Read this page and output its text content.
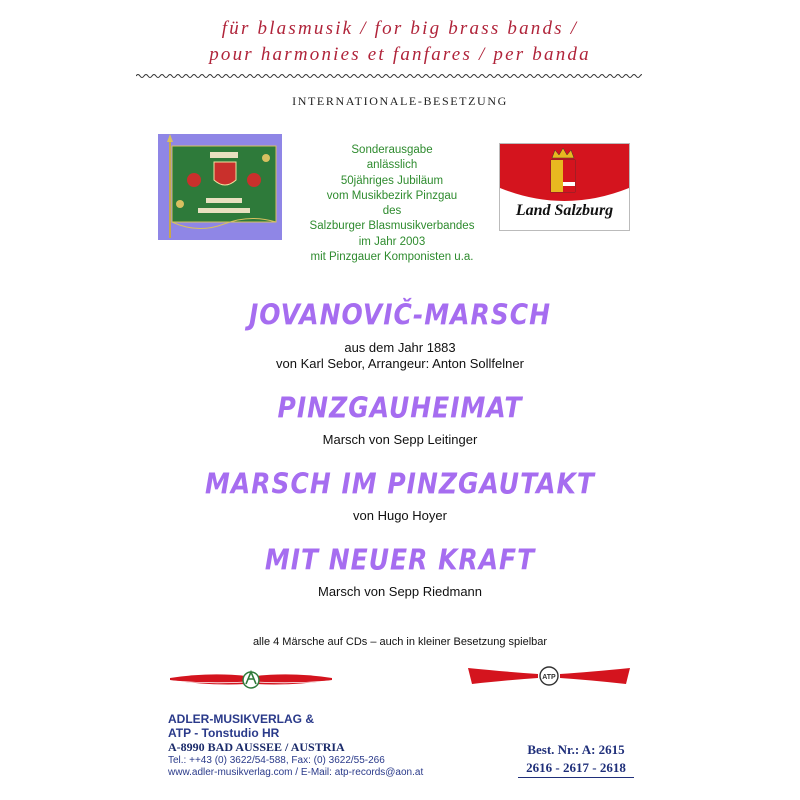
für blasmusik / for big brass bands /
pour harmonies et fanfares / per banda
INTERNATIONALE-BESETZUNG
Sonderausgabe
anlässlich
50jähriges Jubiläum
vom Musikbezirk Pinzgau
des
Salzburger Blasmusikverbandes
im Jahr 2003
mit Pinzgauer Komponisten u.a.
Land Salzburg
JOVANOVIČ-MARSCH
aus dem Jahr 1883
von Karl Sebor, Arrangeur: Anton Sollfelner
PINZGAUHEIMAT
Marsch von Sepp Leitinger
MARSCH IM PINZGAUTAKT
von Hugo Hoyer
MIT NEUER KRAFT
Marsch von Sepp Riedmann
alle 4 Märsche auf CDs – auch in kleiner Besetzung spielbar
ATP
ADLER-MUSIKVERLAG &
ATP - Tonstudio HR
A-8990 BAD AUSSEE / AUSTRIA
Tel.: ++43 (0) 3622/54-588, Fax: (0) 3622/55-266
www.adler-musikverlag.com / E-Mail: atp-records@aon.at
Best. Nr.: A: 2615
2616 - 2617 - 2618
